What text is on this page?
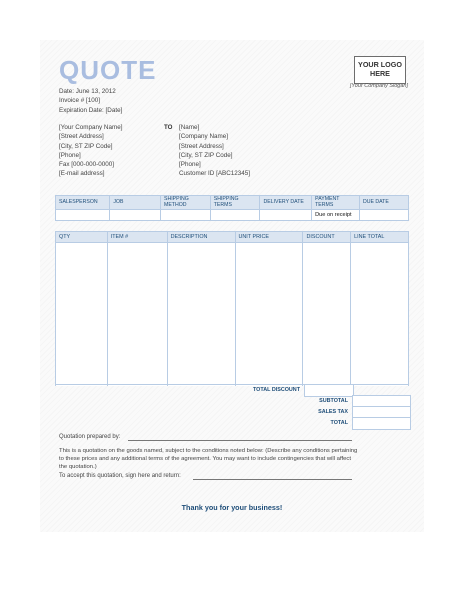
QUOTE	YOUR LOGO HERE
[Your Company Slogan]
Date: June 13, 2012
Invoice # [100]
Expiration Date: [Date]
[Your Company Name]
[Street Address]
[City, ST ZIP Code]
[Phone]
Fax [000-000-0000]
[E-mail address]
TO [Name]
[Company Name]
[Street Address]
[City, ST ZIP Code]
[Phone]
Customer ID [ABC12345]
SALESPERSON	JOB	SHIPPING METHOD	SHIPPING TERMS	DELIVERY DATE	PAYMENT TERMS	DUE DATE
					Due on receipt	
QTY	ITEM #	DESCRIPTION	UNIT PRICE	DISCOUNT	LINE TOTAL

TOTAL DISCOUNT
SUBTOTAL
SALES TAX
TOTAL
Quotation prepared by:
This is a quotation on the goods named, subject to the conditions noted below: (Describe any conditions pertaining to these prices and any additional terms of the agreement. You may want to include contingencies that will affect the quotation.)
To accept this quotation, sign here and return:
Thank you for your business!
